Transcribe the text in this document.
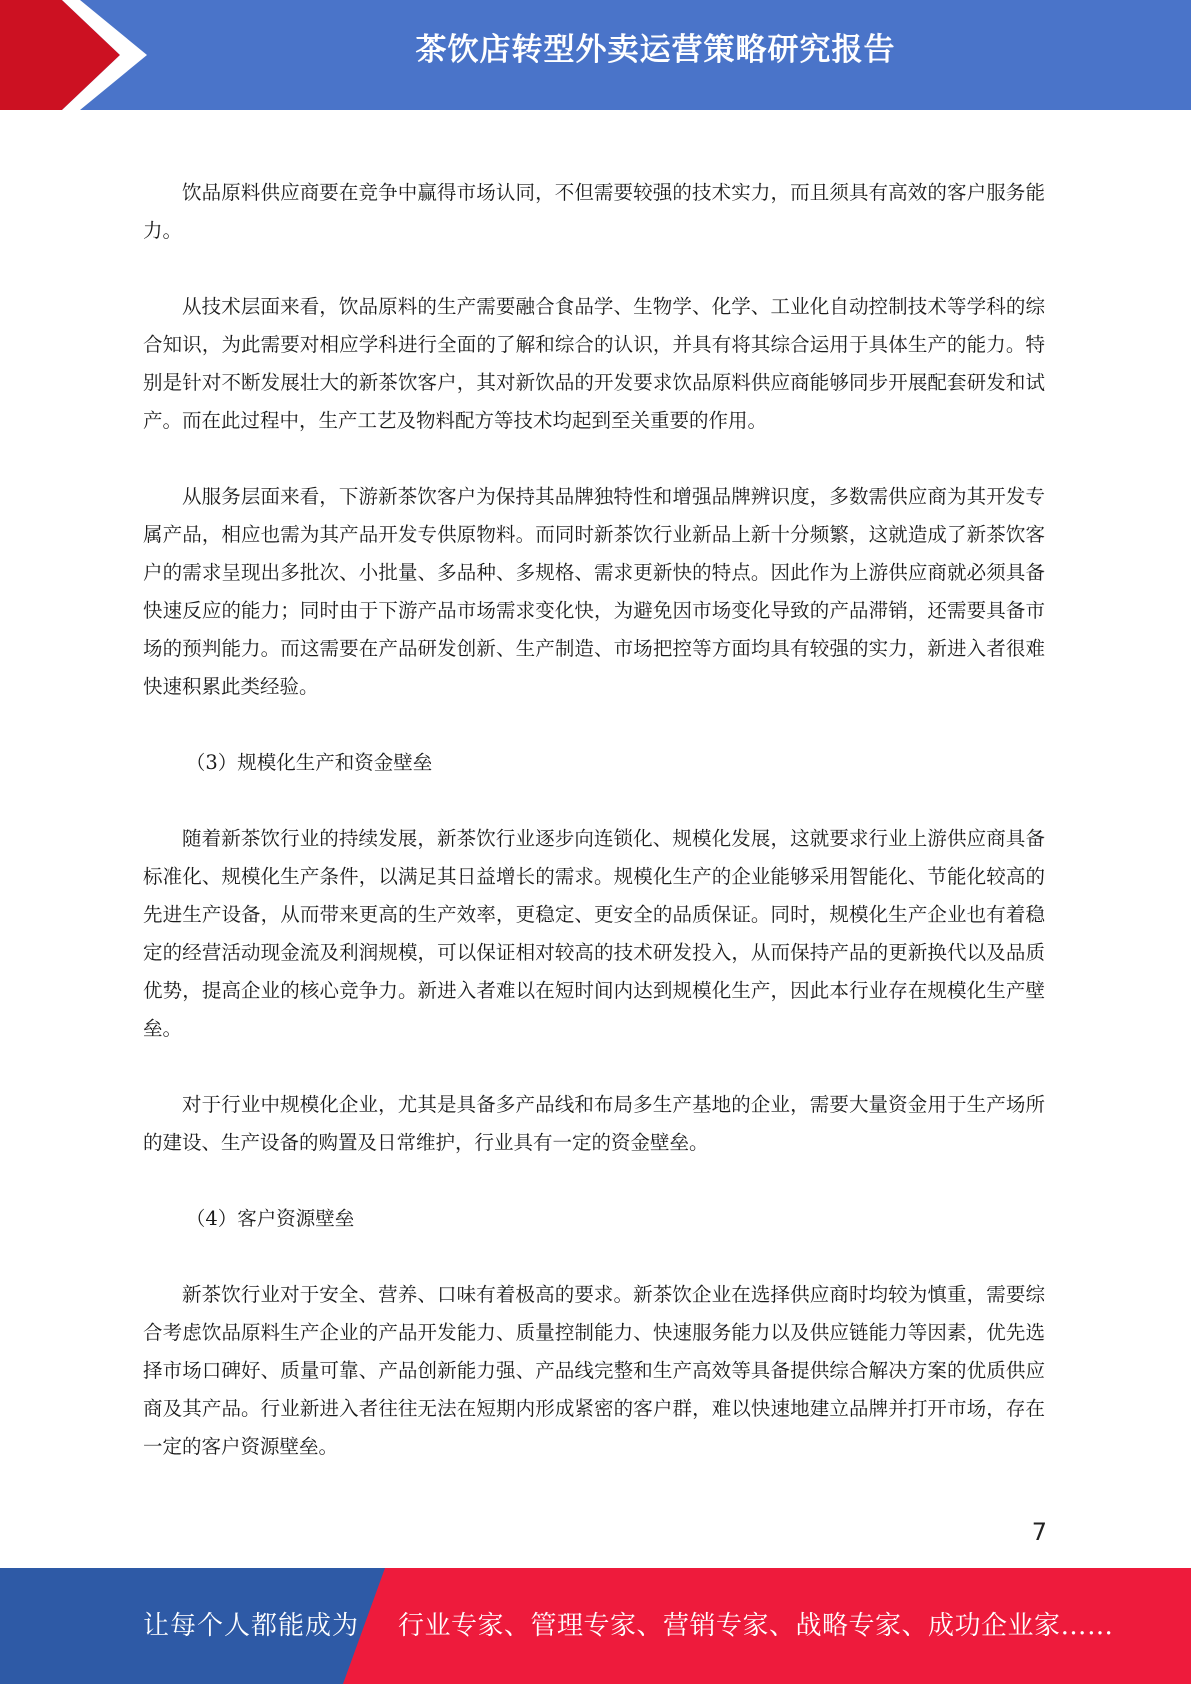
茶饮店转型外卖运营策略研究报告

饮品原料供应商要在竞争中赢得市场认同，不但需要较强的技术实力，而且须具有高效的客户服务能力。

从技术层面来看，饮品原料的生产需要融合食品学、生物学、化学、工业化自动控制技术等学科的综合知识，为此需要对相应学科进行全面的了解和综合的认识，并具有将其综合运用于具体生产的能力。特别是针对不断发展壮大的新茶饮客户，其对新饮品的开发要求饮品原料供应商能够同步开展配套研发和试产。而在此过程中，生产工艺及物料配方等技术均起到至关重要的作用。

从服务层面来看，下游新茶饮客户为保持其品牌独特性和增强品牌辨识度，多数需供应商为其开发专属产品，相应也需为其产品开发专供原物料。而同时新茶饮行业新品上新十分频繁，这就造成了新茶饮客户的需求呈现出多批次、小批量、多品种、多规格、需求更新快的特点。因此作为上游供应商就必须具备快速反应的能力；同时由于下游产品市场需求变化快，为避免因市场变化导致的产品滞销，还需要具备市场的预判能力。而这需要在产品研发创新、生产制造、市场把控等方面均具有较强的实力，新进入者很难快速积累此类经验。

（3）规模化生产和资金壁垒

随着新茶饮行业的持续发展，新茶饮行业逐步向连锁化、规模化发展，这就要求行业上游供应商具备标准化、规模化生产条件，以满足其日益增长的需求。规模化生产的企业能够采用智能化、节能化较高的先进生产设备，从而带来更高的生产效率，更稳定、更安全的品质保证。同时，规模化生产企业也有着稳定的经营活动现金流及利润规模，可以保证相对较高的技术研发投入，从而保持产品的更新换代以及品质优势，提高企业的核心竞争力。新进入者难以在短时间内达到规模化生产，因此本行业存在规模化生产壁垒。

对于行业中规模化企业，尤其是具备多产品线和布局多生产基地的企业，需要大量资金用于生产场所的建设、生产设备的购置及日常维护，行业具有一定的资金壁垒。

（4）客户资源壁垒

新茶饮行业对于安全、营养、口味有着极高的要求。新茶饮企业在选择供应商时均较为慎重，需要综合考虑饮品原料生产企业的产品开发能力、质量控制能力、快速服务能力以及供应链能力等因素，优先选择市场口碑好、质量可靠、产品创新能力强、产品线完整和生产高效等具备提供综合解决方案的优质供应商及其产品。行业新进入者往往无法在短期内形成紧密的客户群，难以快速地建立品牌并打开市场，存在一定的客户资源壁垒。

7
让每个人都能成为 行业专家、管理专家、营销专家、战略专家、成功企业家……
